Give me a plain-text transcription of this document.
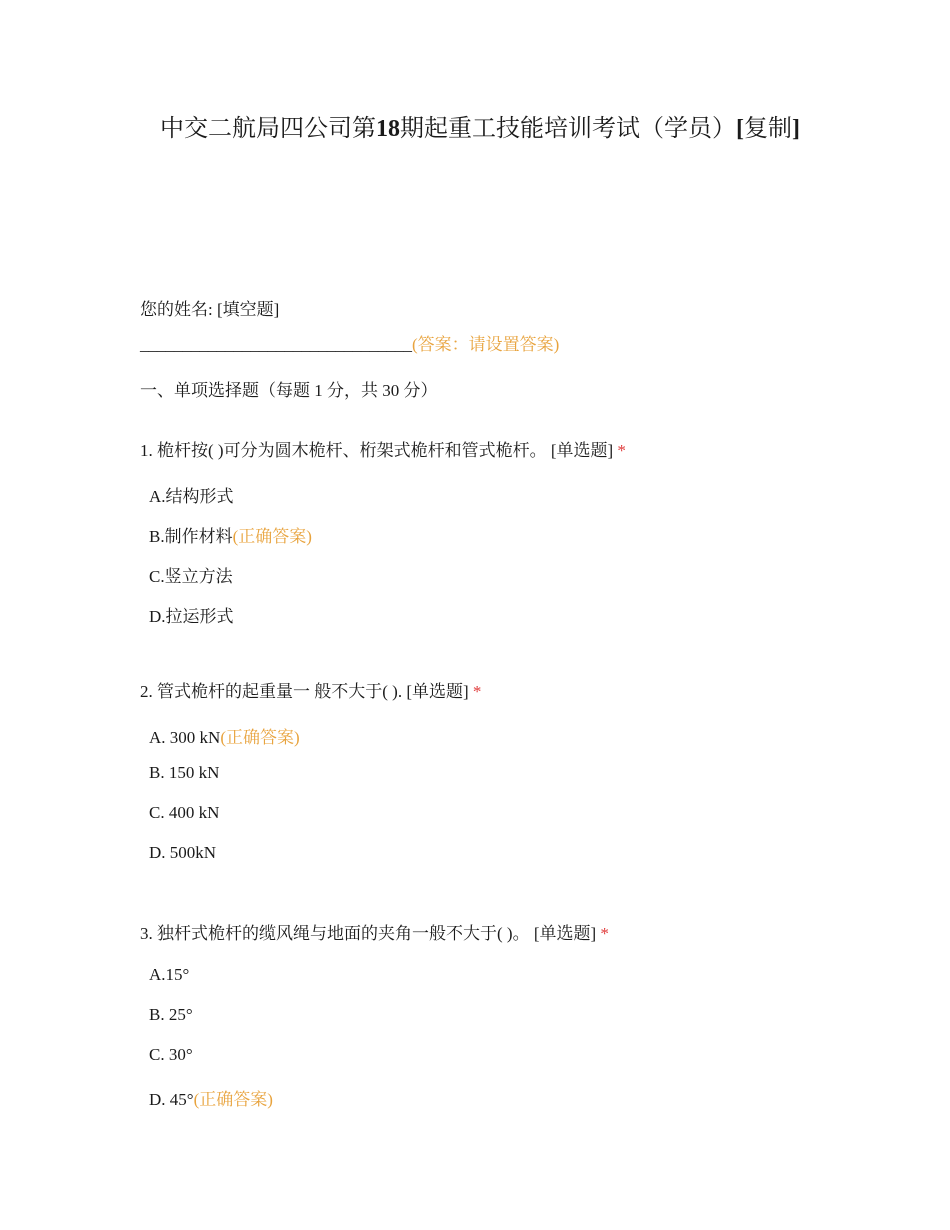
中交二航局四公司第18期起重工技能培训考试（学员）[复制]
您的姓名: [填空题]
________________________________(答案：请设置答案)
一、单项选择题（每题 1 分，共 30 分）
1. 桅杆按( )可分为圆木桅杆、桁架式桅杆和管式桅杆。 [单选题] *
A.结构形式
B.制作材料(正确答案)
C.竖立方法
D.拉运形式
2. 管式桅杆的起重量一 般不大于( ). [单选题] *
A. 300 kN(正确答案)
B. 150 kN
C. 400 kN
D. 500kN
3. 独杆式桅杆的缆风绳与地面的夹角一般不大于( )。 [单选题] *
A.15°
B. 25°
C. 30°
D. 45°(正确答案)
